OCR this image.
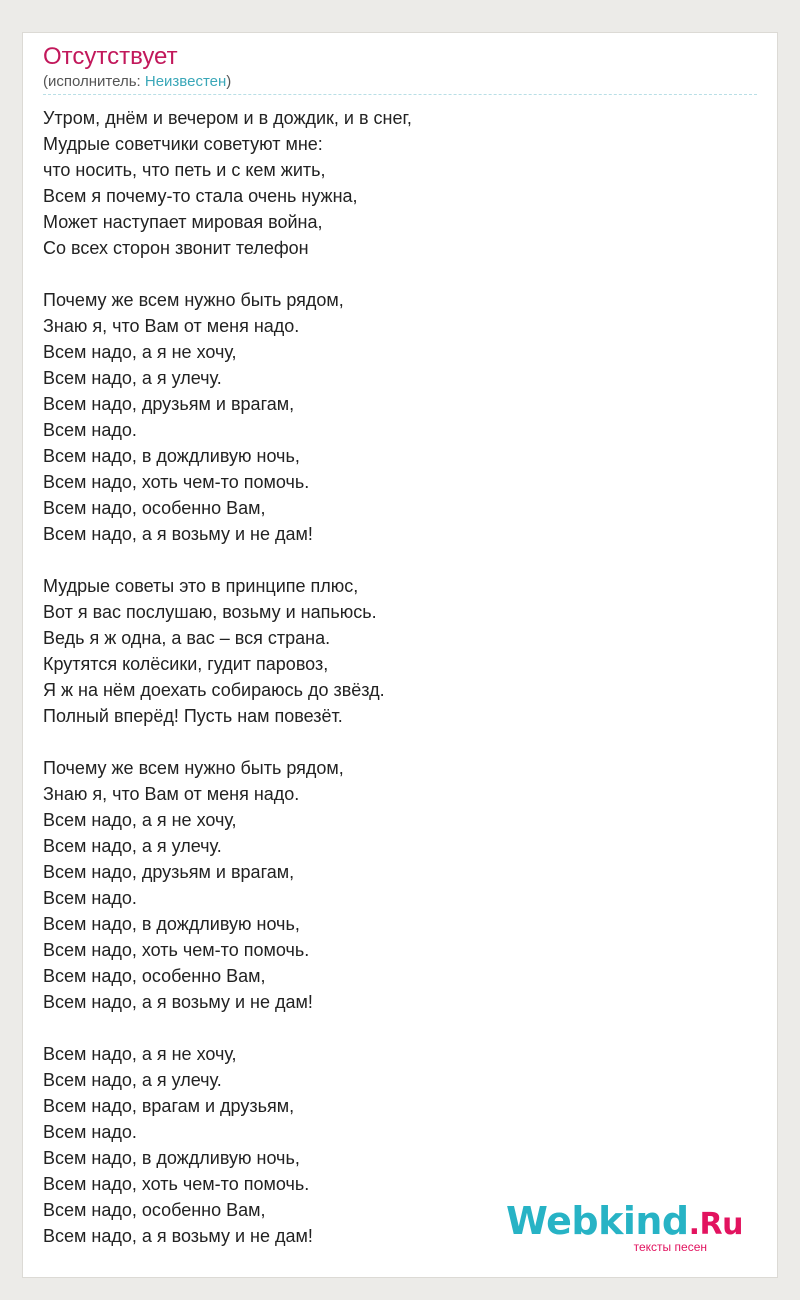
Отсутствует
(исполнитель: Неизвестен)
Утром, днём и вечером и в дождик, и в снег,
Мудрые советчики советуют мне:
что носить, что петь и с кем жить,
Всем я почему-то стала очень нужна,
Может наступает мировая война,
Со всех сторон звонит телефон
Почему же всем нужно быть рядом,
Знаю я, что Вам от меня надо.
Всем надо, а я не хочу,
Всем надо, а я улечу.
Всем надо, друзьям и врагам,
Всем надо.
Всем надо, в дождливую ночь,
Всем надо, хоть чем-то помочь.
Всем надо, особенно Вам,
Всем надо, а я возьму и не дам!
Мудрые советы это в принципе плюс,
Вот я вас послушаю, возьму и напьюсь.
Ведь я ж одна, а вас – вся страна.
Крутятся колёсики, гудит паровоз,
Я ж на нём доехать собираюсь до звёзд.
Полный вперёд! Пусть нам повезёт.
Почему же всем нужно быть рядом,
Знаю я, что Вам от меня надо.
Всем надо, а я не хочу,
Всем надо, а я улечу.
Всем надо, друзьям и врагам,
Всем надо.
Всем надо, в дождливую ночь,
Всем надо, хоть чем-то помочь.
Всем надо, особенно Вам,
Всем надо, а я возьму и не дам!
Всем надо, а я не хочу,
Всем надо, а я улечу.
Всем надо, врагам и друзьям,
Всем надо.
Всем надо, в дождливую ночь,
Всем надо, хоть чем-то помочь.
Всем надо, особенно Вам,
Всем надо, а я возьму и не дам!	Webkind.Ru
тексты песен
